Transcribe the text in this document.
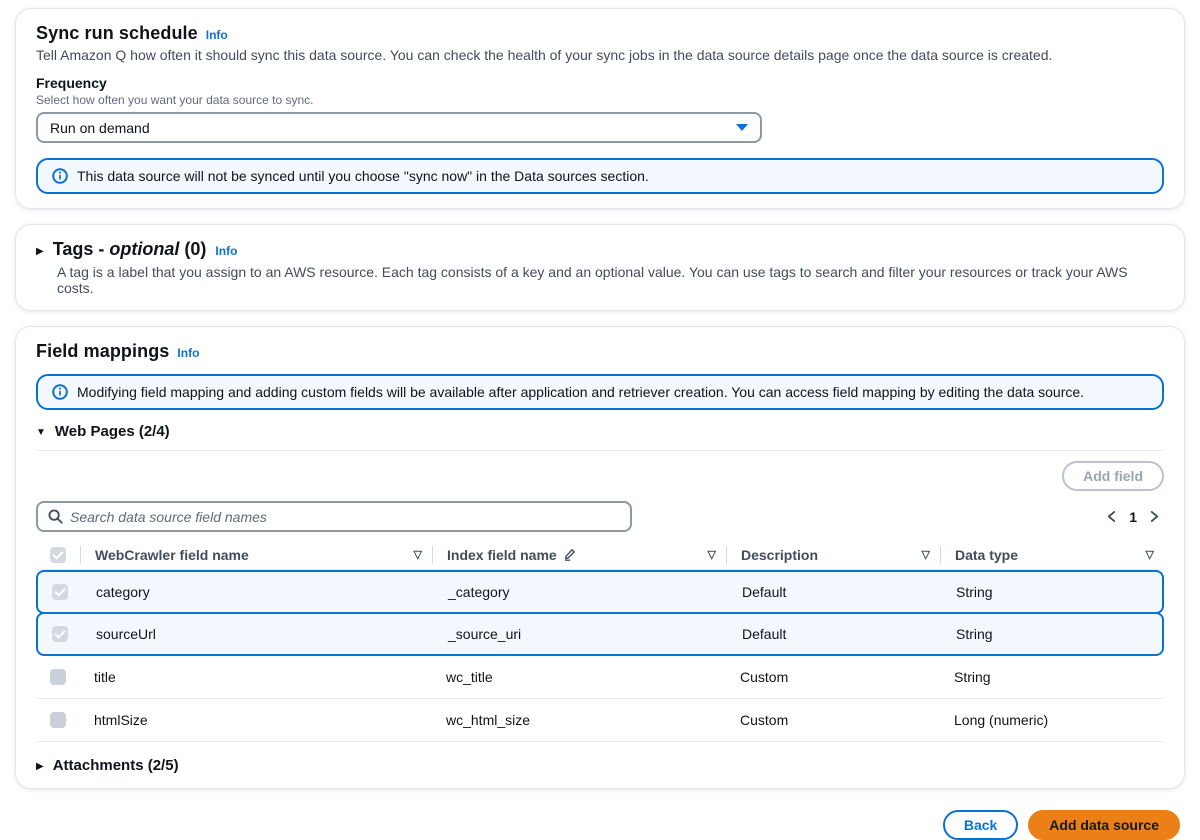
Sync run schedule Info

Tell Amazon Q how often it should sync this data source. You can check the health of your sync jobs in the data source details page once the data source is created.

Frequency
Select how often you want your data source to sync.
Run on demand
This data source will not be synced until you choose "sync now" in the Data sources section.
▶ Tags - optional (0) Info

A tag is a label that you assign to an AWS resource. Each tag consists of a key and an optional value. You can use tags to search and filter your resources or track your AWS costs.

Field mappings Info
Modifying field mapping and adding custom fields will be available after application and retriever creation. You can access field mapping by editing the data source.
▼ Web Pages (2/4)
Add field
Search data source field names
1
WebCrawler field name	▽ Index field name	▽ Description	▽ Data type	▽
category	_category	Default	String
sourceUrl	_source_uri	Default	String
title	wc_title	Custom	String
htmlSize	wc_html_size	Custom	Long (numeric)
▶ Attachments (2/5)
Back	Add data source
